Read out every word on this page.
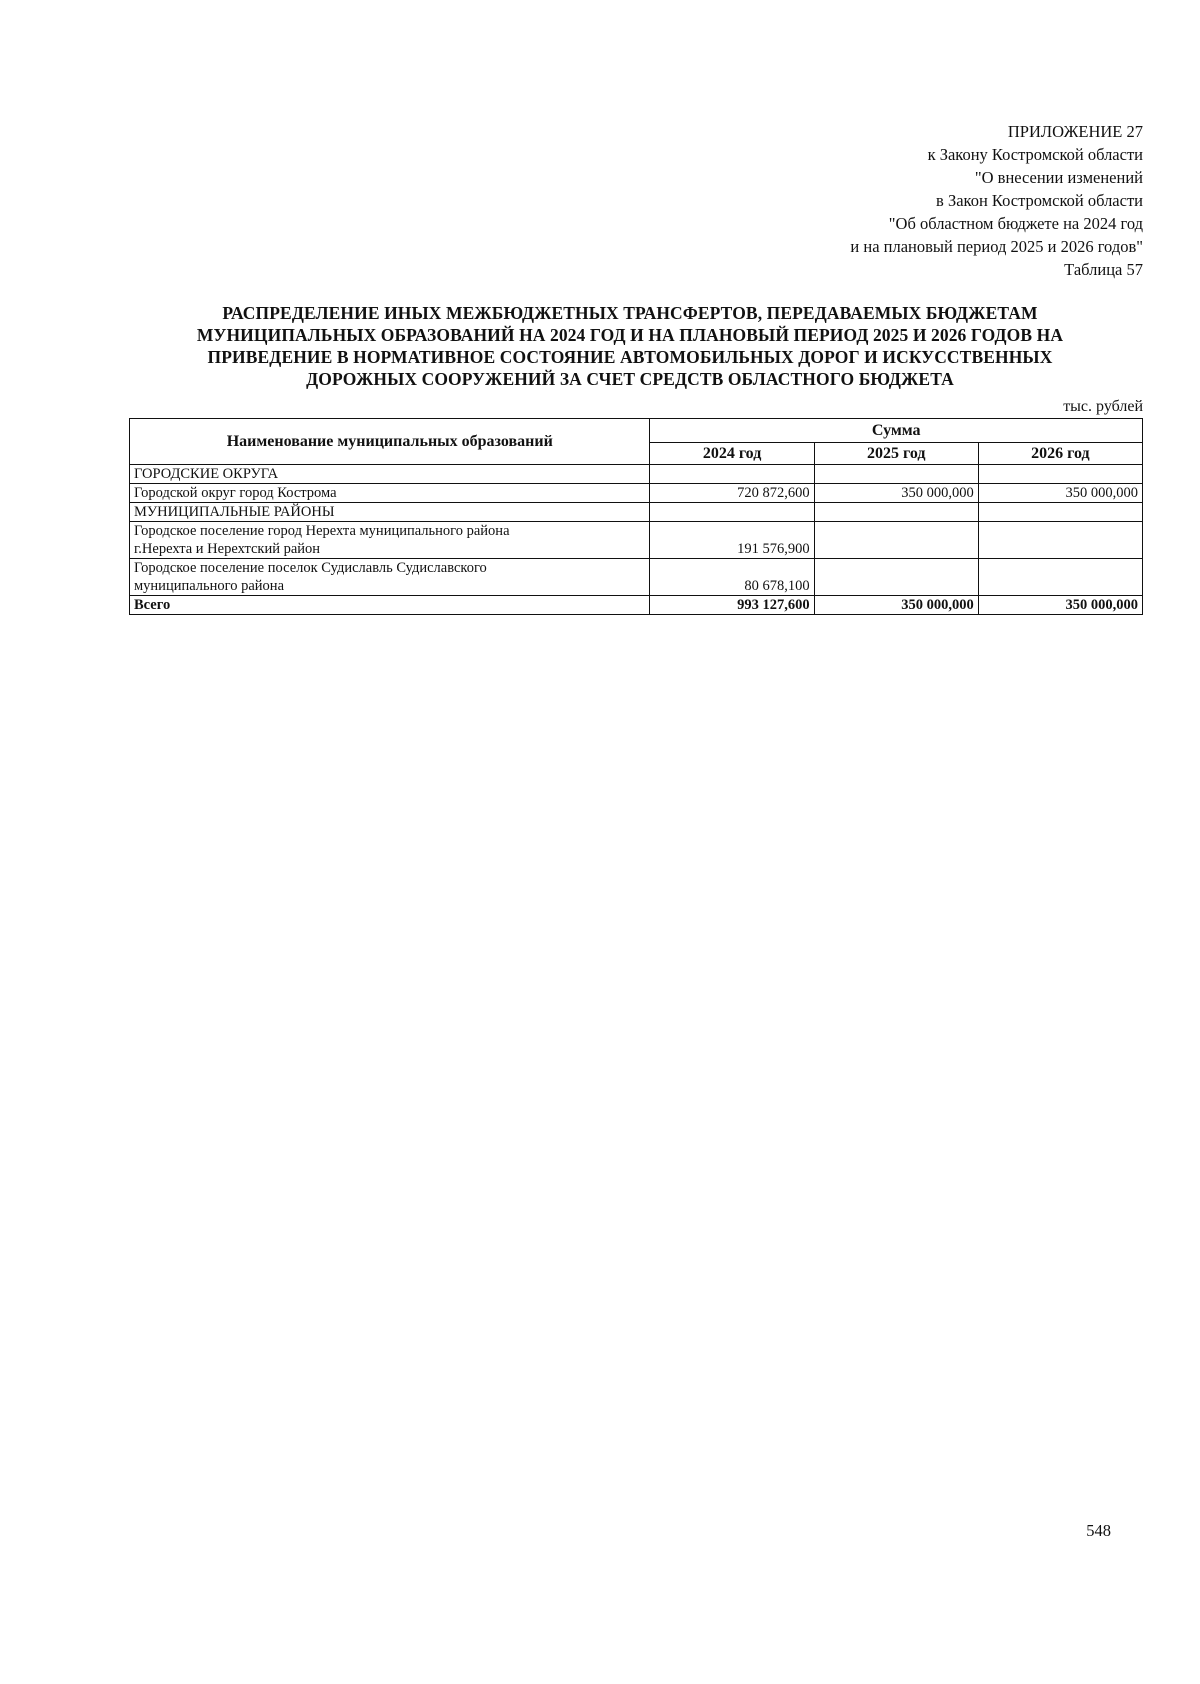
ПРИЛОЖЕНИЕ 27
к Закону Костромской области
"О внесении изменений
в Закон Костромской области
"Об областном бюджете на 2024 год
и на плановый период 2025 и 2026 годов"
Таблица 57
РАСПРЕДЕЛЕНИЕ ИНЫХ МЕЖБЮДЖЕТНЫХ ТРАНСФЕРТОВ, ПЕРЕДАВАЕМЫХ БЮДЖЕТАМ
МУНИЦИПАЛЬНЫХ ОБРАЗОВАНИЙ НА 2024 ГОД И НА ПЛАНОВЫЙ ПЕРИОД 2025 И 2026 ГОДОВ НА
ПРИВЕДЕНИЕ В НОРМАТИВНОЕ СОСТОЯНИЕ АВТОМОБИЛЬНЫХ ДОРОГ И ИСКУССТВЕННЫХ
ДОРОЖНЫХ СООРУЖЕНИЙ ЗА СЧЕТ СРЕДСТВ ОБЛАСТНОГО БЮДЖЕТА
тыс. рублей
Наименование муниципальных образований	Сумма		
	2024 год	2025 год	2026 год
ГОРОДСКИЕ ОКРУГА			
Городской округ город Кострома	720 872,600	350 000,000	350 000,000
МУНИЦИПАЛЬНЫЕ РАЙОНЫ			

Городское поселение город Нерехта муниципального района
г.Нерехта и Нерехтский район	191 576,900		

Городское поселение поселок Судиславль Судиславского
муниципального района	80 678,100		
Всего	993 127,600	350 000,000	350 000,000
548
